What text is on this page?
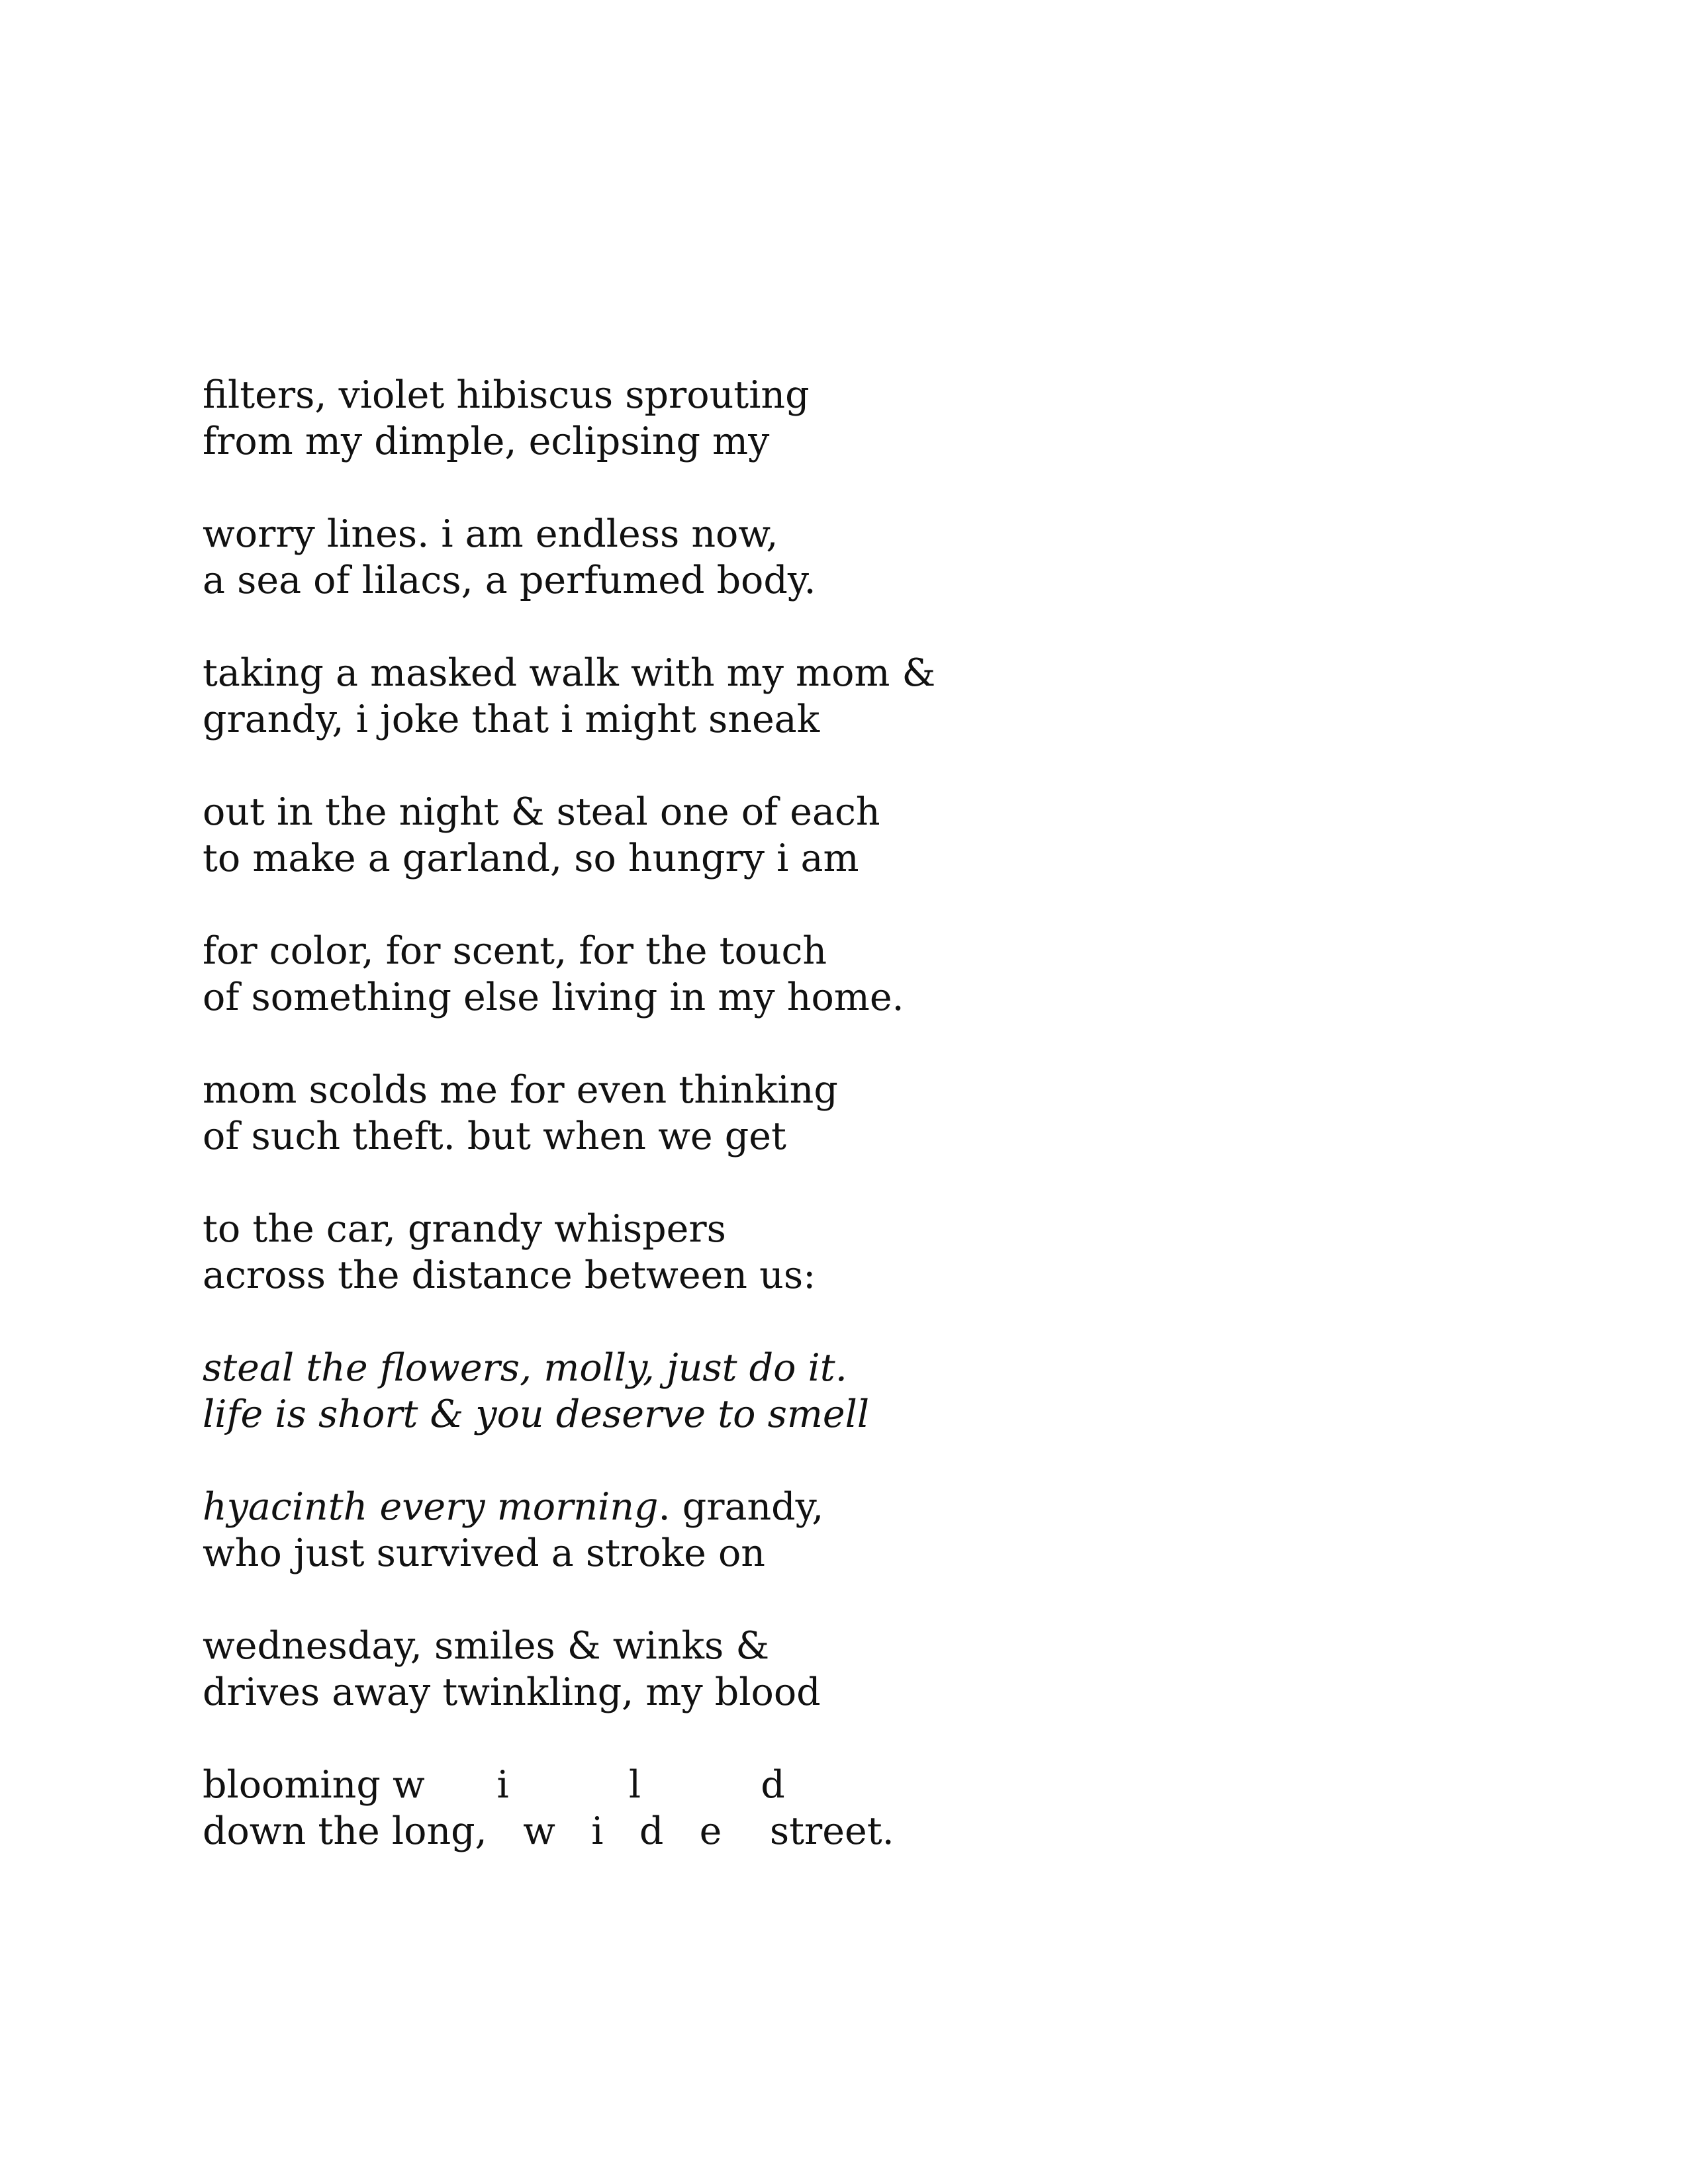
filters, violet hibiscus sprouting
from my dimple, eclipsing my
worry lines. i am endless now,
a sea of lilacs, a perfumed body.
taking a masked walk with my mom &
grandy, i joke that i might sneak
out in the night & steal one of each
to make a garland, so hungry i am
for color, for scent, for the touch
of something else living in my home.
mom scolds me for even thinking
of such theft. but when we get
to the car, grandy whispers
across the distance between us:
steal the flowers, molly, just do it.
life is short & you deserve to smell
hyacinth every morning. grandy,
who just survived a stroke on
wednesday, smiles & winks &
drives away twinkling, my blood
blooming w      i          l          d
down the long,   w   i   d   e    street.
